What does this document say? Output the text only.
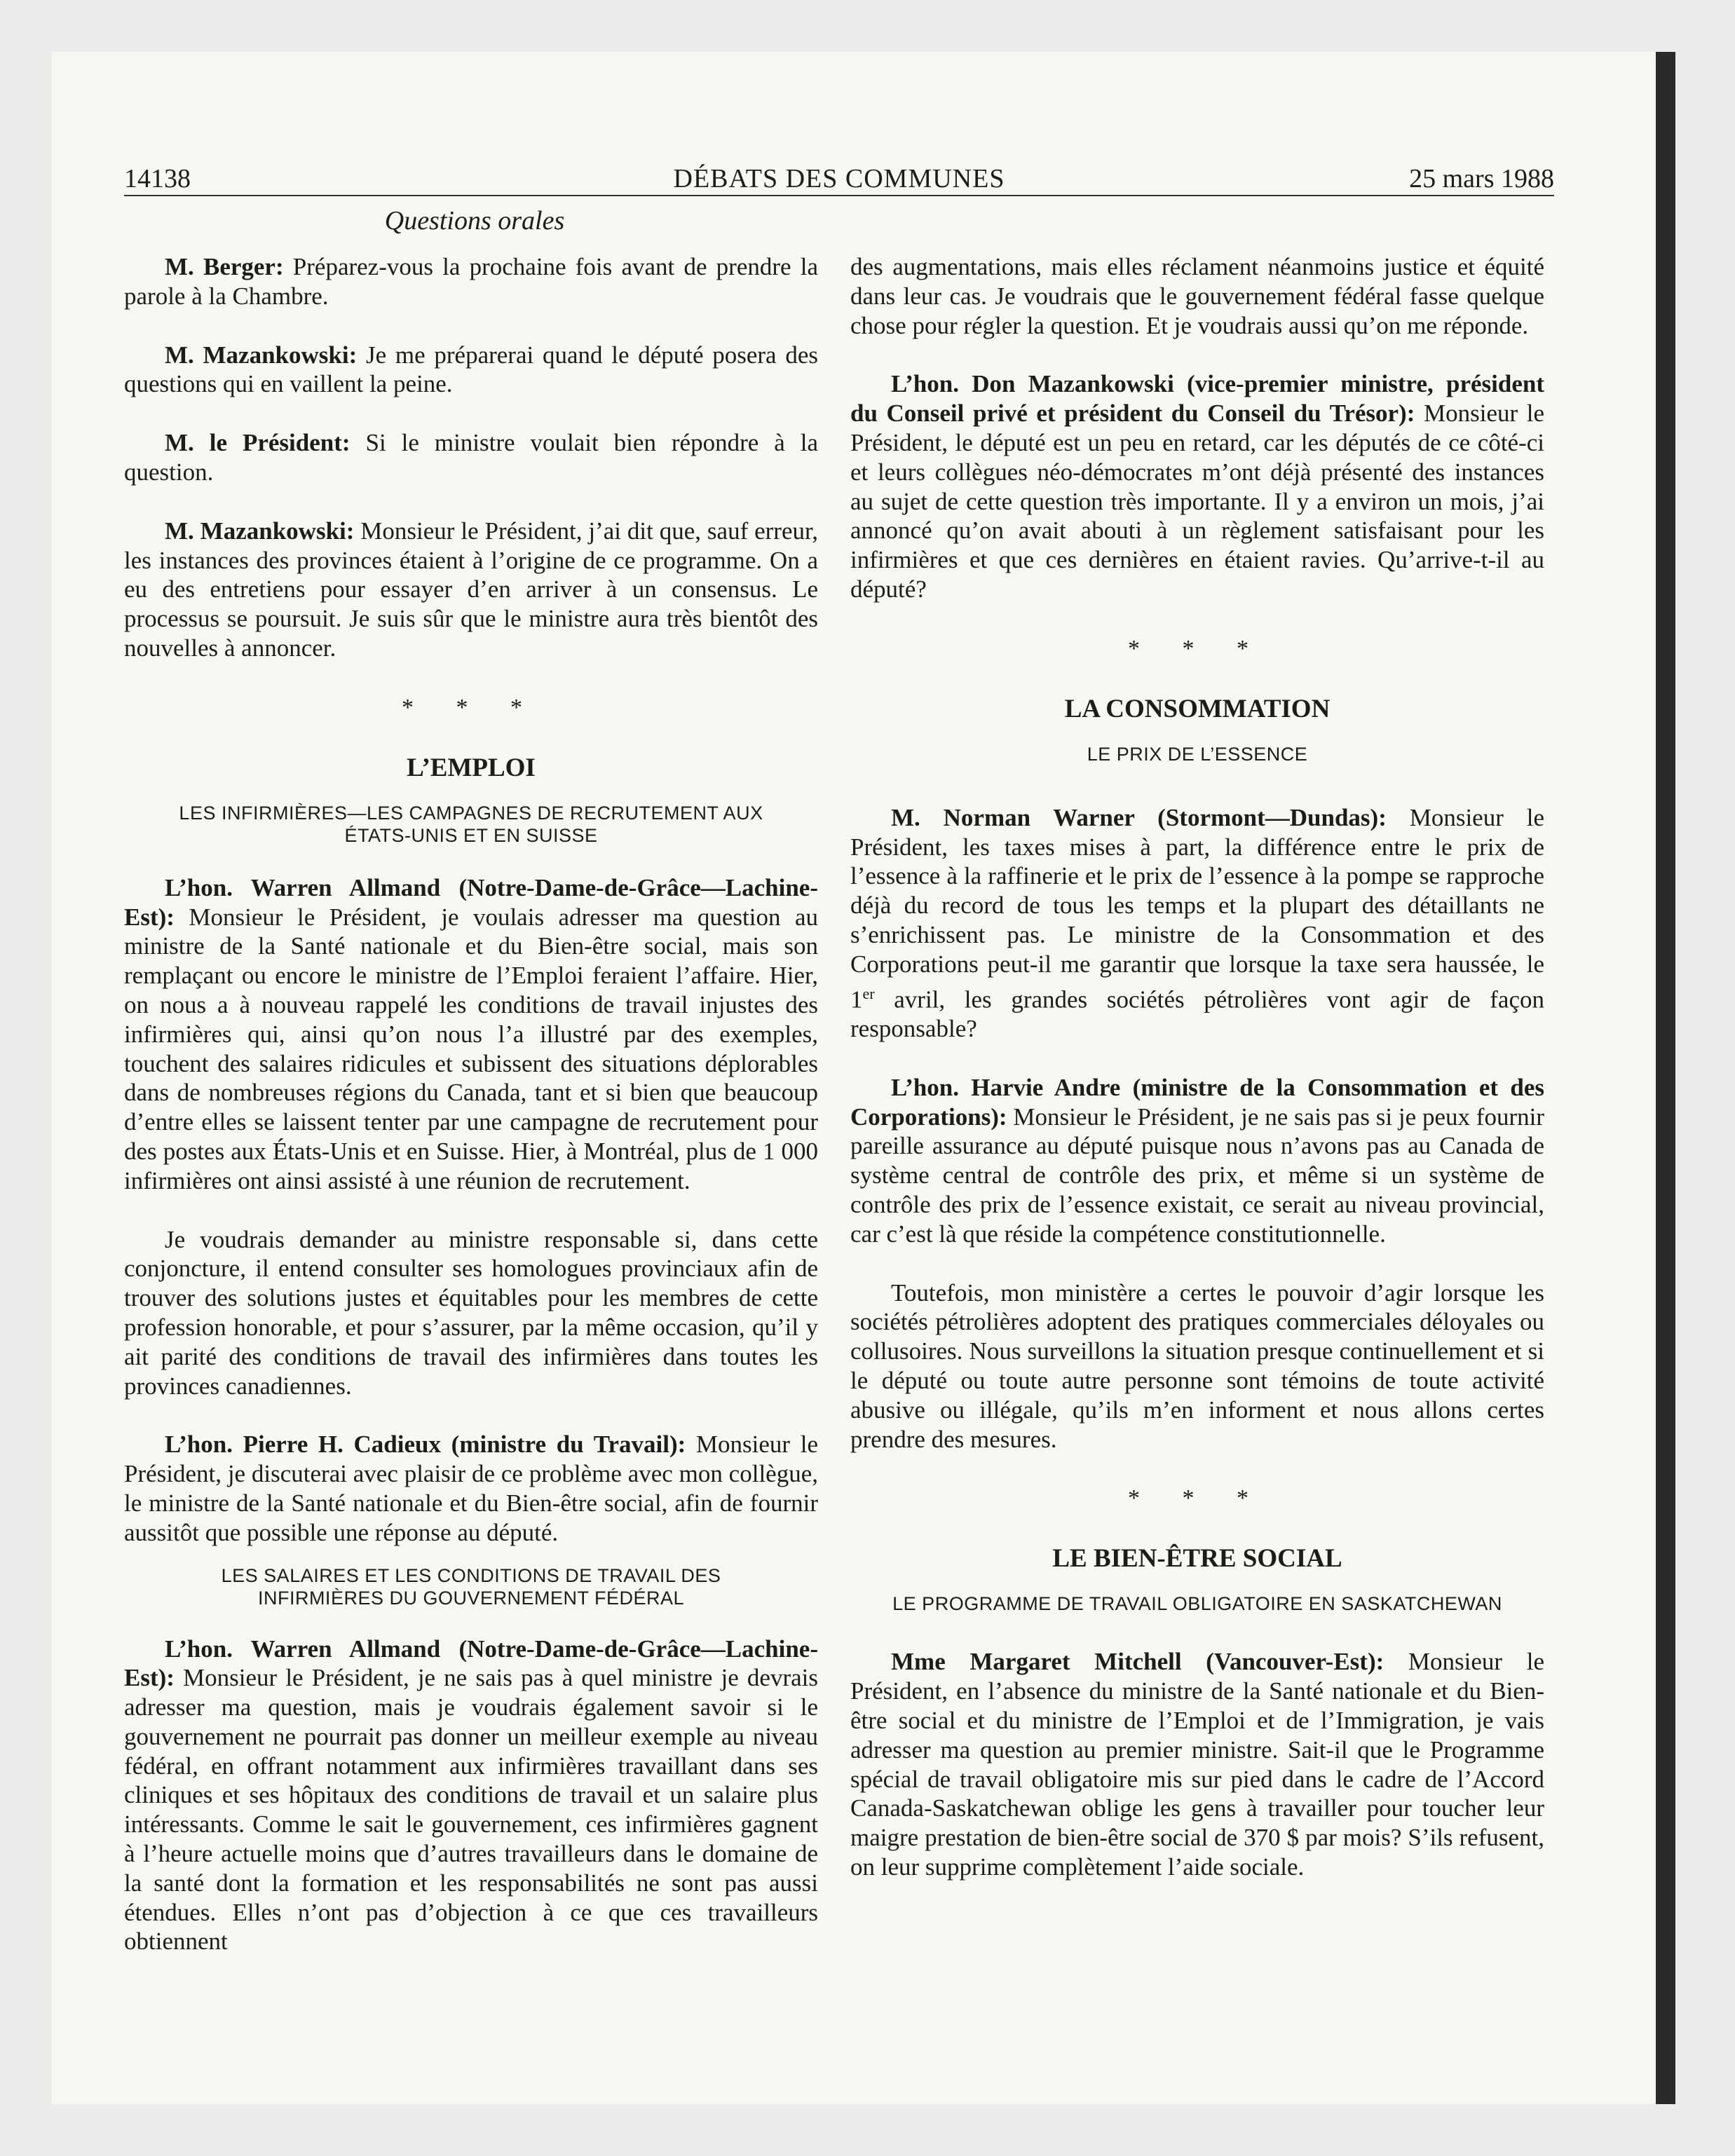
14138	DÉBATS DES COMMUNES	25 mars 1988
Questions orales

M. Berger: Préparez-vous la prochaine fois avant de prendre la parole à la Chambre.

M. Mazankowski: Je me préparerai quand le député posera des questions qui en vaillent la peine.

M. le Président: Si le ministre voulait bien répondre à la question.

M. Mazankowski: Monsieur le Président, j’ai dit que, sauf erreur, les instances des provinces étaient à l’origine de ce programme. On a eu des entretiens pour essayer d’en arriver à un consensus. Le processus se poursuit. Je suis sûr que le ministre aura très bientôt des nouvelles à annoncer.

* * *

L’EMPLOI

LES INFIRMIÈRES—LES CAMPAGNES DE RECRUTEMENT AUX
ÉTATS-UNIS ET EN SUISSE

L’hon. Warren Allmand (Notre-Dame-de-Grâce—Lachine-Est): Monsieur le Président, je voulais adresser ma question au ministre de la Santé nationale et du Bien-être social, mais son remplaçant ou encore le ministre de l’Emploi feraient l’affaire. Hier, on nous a à nouveau rappelé les conditions de travail injustes des infirmières qui, ainsi qu’on nous l’a illustré par des exemples, touchent des salaires ridicules et subissent des situations déplorables dans de nombreuses régions du Canada, tant et si bien que beaucoup d’entre elles se laissent tenter par une campagne de recrutement pour des postes aux États-Unis et en Suisse. Hier, à Montréal, plus de 1 000 infirmières ont ainsi assisté à une réunion de recrutement.

Je voudrais demander au ministre responsable si, dans cette conjoncture, il entend consulter ses homologues provinciaux afin de trouver des solutions justes et équitables pour les membres de cette profession honorable, et pour s’assurer, par la même occasion, qu’il y ait parité des conditions de travail des infirmières dans toutes les provinces canadiennes.

L’hon. Pierre H. Cadieux (ministre du Travail): Monsieur le Président, je discuterai avec plaisir de ce problème avec mon collègue, le ministre de la Santé nationale et du Bien-être social, afin de fournir aussitôt que possible une réponse au député.

LES SALAIRES ET LES CONDITIONS DE TRAVAIL DES
INFIRMIÈRES DU GOUVERNEMENT FÉDÉRAL

L’hon. Warren Allmand (Notre-Dame-de-Grâce—Lachine-Est): Monsieur le Président, je ne sais pas à quel ministre je devrais adresser ma question, mais je voudrais également savoir si le gouvernement ne pourrait pas donner un meilleur exemple au niveau fédéral, en offrant notamment aux infirmières travaillant dans ses cliniques et ses hôpitaux des conditions de travail et un salaire plus intéressants. Comme le sait le gouvernement, ces infirmières gagnent à l’heure actuelle moins que d’autres travailleurs dans le domaine de la santé dont la formation et les responsabilités ne sont pas aussi étendues. Elles n’ont pas d’objection à ce que ces travailleurs obtiennent

des augmentations, mais elles réclament néanmoins justice et équité dans leur cas. Je voudrais que le gouvernement fédéral fasse quelque chose pour régler la question. Et je voudrais aussi qu’on me réponde.

L’hon. Don Mazankowski (vice-premier ministre, président du Conseil privé et président du Conseil du Trésor): Monsieur le Président, le député est un peu en retard, car les députés de ce côté-ci et leurs collègues néo-démocrates m’ont déjà présenté des instances au sujet de cette question très importante. Il y a environ un mois, j’ai annoncé qu’on avait abouti à un règlement satisfaisant pour les infirmières et que ces dernières en étaient ravies. Qu’arrive-t-il au député?

* * *

LA CONSOMMATION

LE PRIX DE L’ESSENCE

M. Norman Warner (Stormont—Dundas): Monsieur le Président, les taxes mises à part, la différence entre le prix de l’essence à la raffinerie et le prix de l’essence à la pompe se rapproche déjà du record de tous les temps et la plupart des détaillants ne s’enrichissent pas. Le ministre de la Consommation et des Corporations peut-il me garantir que lorsque la taxe sera haussée, le 1er avril, les grandes sociétés pétrolières vont agir de façon responsable?

L’hon. Harvie Andre (ministre de la Consommation et des Corporations): Monsieur le Président, je ne sais pas si je peux fournir pareille assurance au député puisque nous n’avons pas au Canada de système central de contrôle des prix, et même si un système de contrôle des prix de l’essence existait, ce serait au niveau provincial, car c’est là que réside la compétence constitutionnelle.

Toutefois, mon ministère a certes le pouvoir d’agir lorsque les sociétés pétrolières adoptent des pratiques commerciales déloyales ou collusoires. Nous surveillons la situation presque continuellement et si le député ou toute autre personne sont témoins de toute activité abusive ou illégale, qu’ils m’en informent et nous allons certes prendre des mesures.

* * *

LE BIEN-ÊTRE SOCIAL

LE PROGRAMME DE TRAVAIL OBLIGATOIRE EN SASKATCHEWAN

Mme Margaret Mitchell (Vancouver-Est): Monsieur le Président, en l’absence du ministre de la Santé nationale et du Bien-être social et du ministre de l’Emploi et de l’Immigration, je vais adresser ma question au premier ministre. Sait-il que le Programme spécial de travail obligatoire mis sur pied dans le cadre de l’Accord Canada-Saskatchewan oblige les gens à travailler pour toucher leur maigre prestation de bien-être social de 370 $ par mois? S’ils refusent, on leur supprime complètement l’aide sociale.
